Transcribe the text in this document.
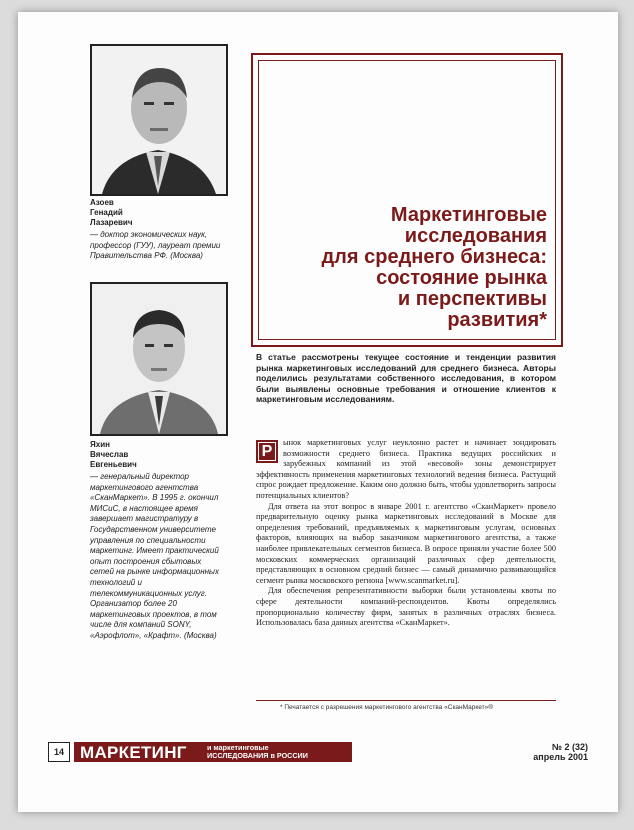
Азоев
Генадий
Лазаревич
— доктор экономических наук, профессор (ГУУ), лауреат премии Правительства РФ. (Москва)
Яхин
Вячеслав
Евгеньевич
— генеральный директор маркетингового агентства «СканМаркет». В 1995 г. окончил МИСиС, в настоящее время завершает магистратуру в Государственном университете управления по специальности маркетинг. Имеет практический опыт построения сбытовых сетей на рынке информационных технологий и телекоммуникационных услуг. Организатор более 20 маркетинговых проектов, в том числе для компаний SONY, «Аэрофлот», «Крафт». (Москва)
Маркетинговые
исследования
для среднего бизнеса:
состояние рынка
и перспективы
развития*
В статье рассмотрены текущее состояние и тенденции развития рынка маркетинговых исследований для среднего бизнеса. Авторы поделились результатами собственного исследования, в котором были выявлены основные требования и отношение клиентов к маркетинговым исследованиям.

Р
ынок маркетинговых услуг неуклонно растет и начинает зондировать возможности среднего бизнеса. Практика ведущих российских и зарубежных компаний из этой «весовой» зоны демонстрирует эффективность применения маркетинговых технологий ведения бизнеса. Растущий спрос рождает предложение. Каким оно должно быть, чтобы удовлетворить запросы потенциальных клиентов?

Для ответа на этот вопрос в январе 2001 г. агентство «СканМаркет» провело предварительную оценку рынка маркетинговых исследований в Москве для определения требований, предъявляемых к маркетинговым услугам, основных факторов, влияющих на выбор заказчиком маркетингового агентства, а также наиболее привлекательных сегментов бизнеса. В опросе приняли участие более 500 московских коммерческих организаций различных сфер деятельности, представляющих в основном средний бизнес — самый динамично развивающийся сегмент рынка московского региона [www.scanmarket.ru].

Для обеспечения репрезентативности выборки были установлены квоты по сфере деятельности компаний-респондентов. Квоты определялись пропорционально количеству фирм, занятых в различных отраслях бизнеса. Использовалась база данных агентства «СканМаркет».

* Печатается с разрешения маркетингового агентства «СканМаркет»®
14 МАРКЕТИНГ	и маркетинговые
ИССЛЕДОВАНИЯ в РОССИИ
№ 2 (32)
апрель 2001
